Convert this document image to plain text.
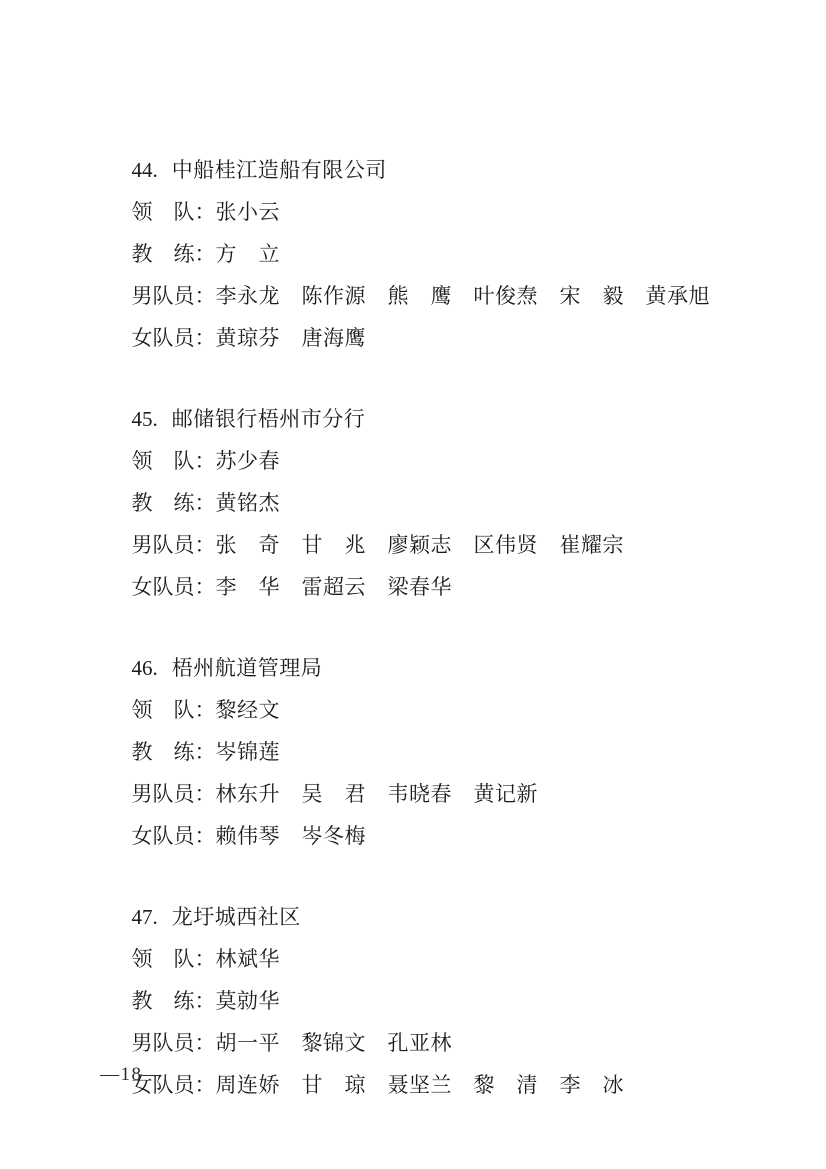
44. 中船桂江造船有限公司

领　队：张小云

教　练：方　立

男队员：李永龙　陈作源　熊　鹰　叶俊焘　宋　毅　黄承旭

女队员：黄琼芬　唐海鹰

45. 邮储银行梧州市分行

领　队：苏少春

教　练：黄铭杰

男队员：张　奇　甘　兆　廖颖志　区伟贤　崔耀宗

女队员：李　华　雷超云　梁春华

46. 梧州航道管理局

领　队：黎经文

教　练：岑锦莲

男队员：林东升　吴　君　韦晓春　黄记新

女队员：赖伟琴　岑冬梅

47. 龙圩城西社区

领　队：林斌华

教　练：莫勍华

男队员：胡一平　黎锦文　孔亚林

女队员：周连娇　甘　琼　聂坚兰　黎　清　李　冰

—18—
